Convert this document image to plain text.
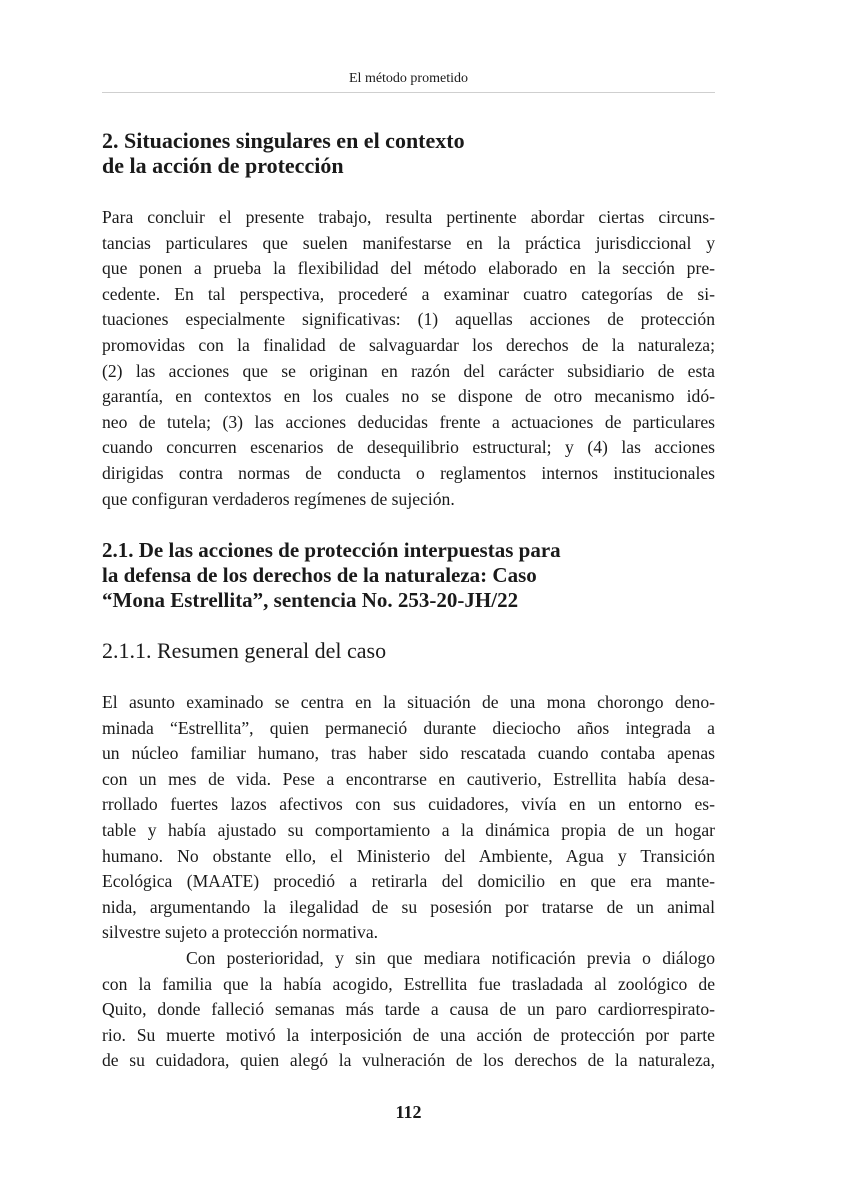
El método prometido

2. Situaciones singulares en el contexto

de la acción de protección

Para concluir el presente trabajo, resulta pertinente abordar ciertas circuns-

tancias particulares que suelen manifestarse en la práctica jurisdiccional y

que ponen a prueba la flexibilidad del método elaborado en la sección pre-

cedente. En tal perspectiva, procederé a examinar cuatro categorías de si-

tuaciones especialmente significativas: (1) aquellas acciones de protección

promovidas con la finalidad de salvaguardar los derechos de la naturaleza;

(2) las acciones que se originan en razón del carácter subsidiario de esta

garantía, en contextos en los cuales no se dispone de otro mecanismo idó-

neo de tutela; (3) las acciones deducidas frente a actuaciones de particulares

cuando concurren escenarios de desequilibrio estructural; y (4) las acciones

dirigidas contra normas de conducta o reglamentos internos institucionales

que configuran verdaderos regímenes de sujeción.

2.1. De las acciones de protección interpuestas para

la defensa de los derechos de la naturaleza: Caso

“Mona Estrellita”, sentencia No. 253-20-JH/22

2.1.1. Resumen general del caso

El asunto examinado se centra en la situación de una mona chorongo deno-

minada “Estrellita”, quien permaneció durante dieciocho años integrada a

un núcleo familiar humano, tras haber sido rescatada cuando contaba apenas

con un mes de vida. Pese a encontrarse en cautiverio, Estrellita había desa-

rrollado fuertes lazos afectivos con sus cuidadores, vivía en un entorno es-

table y había ajustado su comportamiento a la dinámica propia de un hogar

humano. No obstante ello, el Ministerio del Ambiente, Agua y Transición

Ecológica (MAATE) procedió a retirarla del domicilio en que era mante-

nida, argumentando la ilegalidad de su posesión por tratarse de un animal

silvestre sujeto a protección normativa.

Con posterioridad, y sin que mediara notificación previa o diálogo

con la familia que la había acogido, Estrellita fue trasladada al zoológico de

Quito, donde falleció semanas más tarde a causa de un paro cardiorrespirato-

rio. Su muerte motivó la interposición de una acción de protección por parte

de su cuidadora, quien alegó la vulneración de los derechos de la naturaleza,

112
